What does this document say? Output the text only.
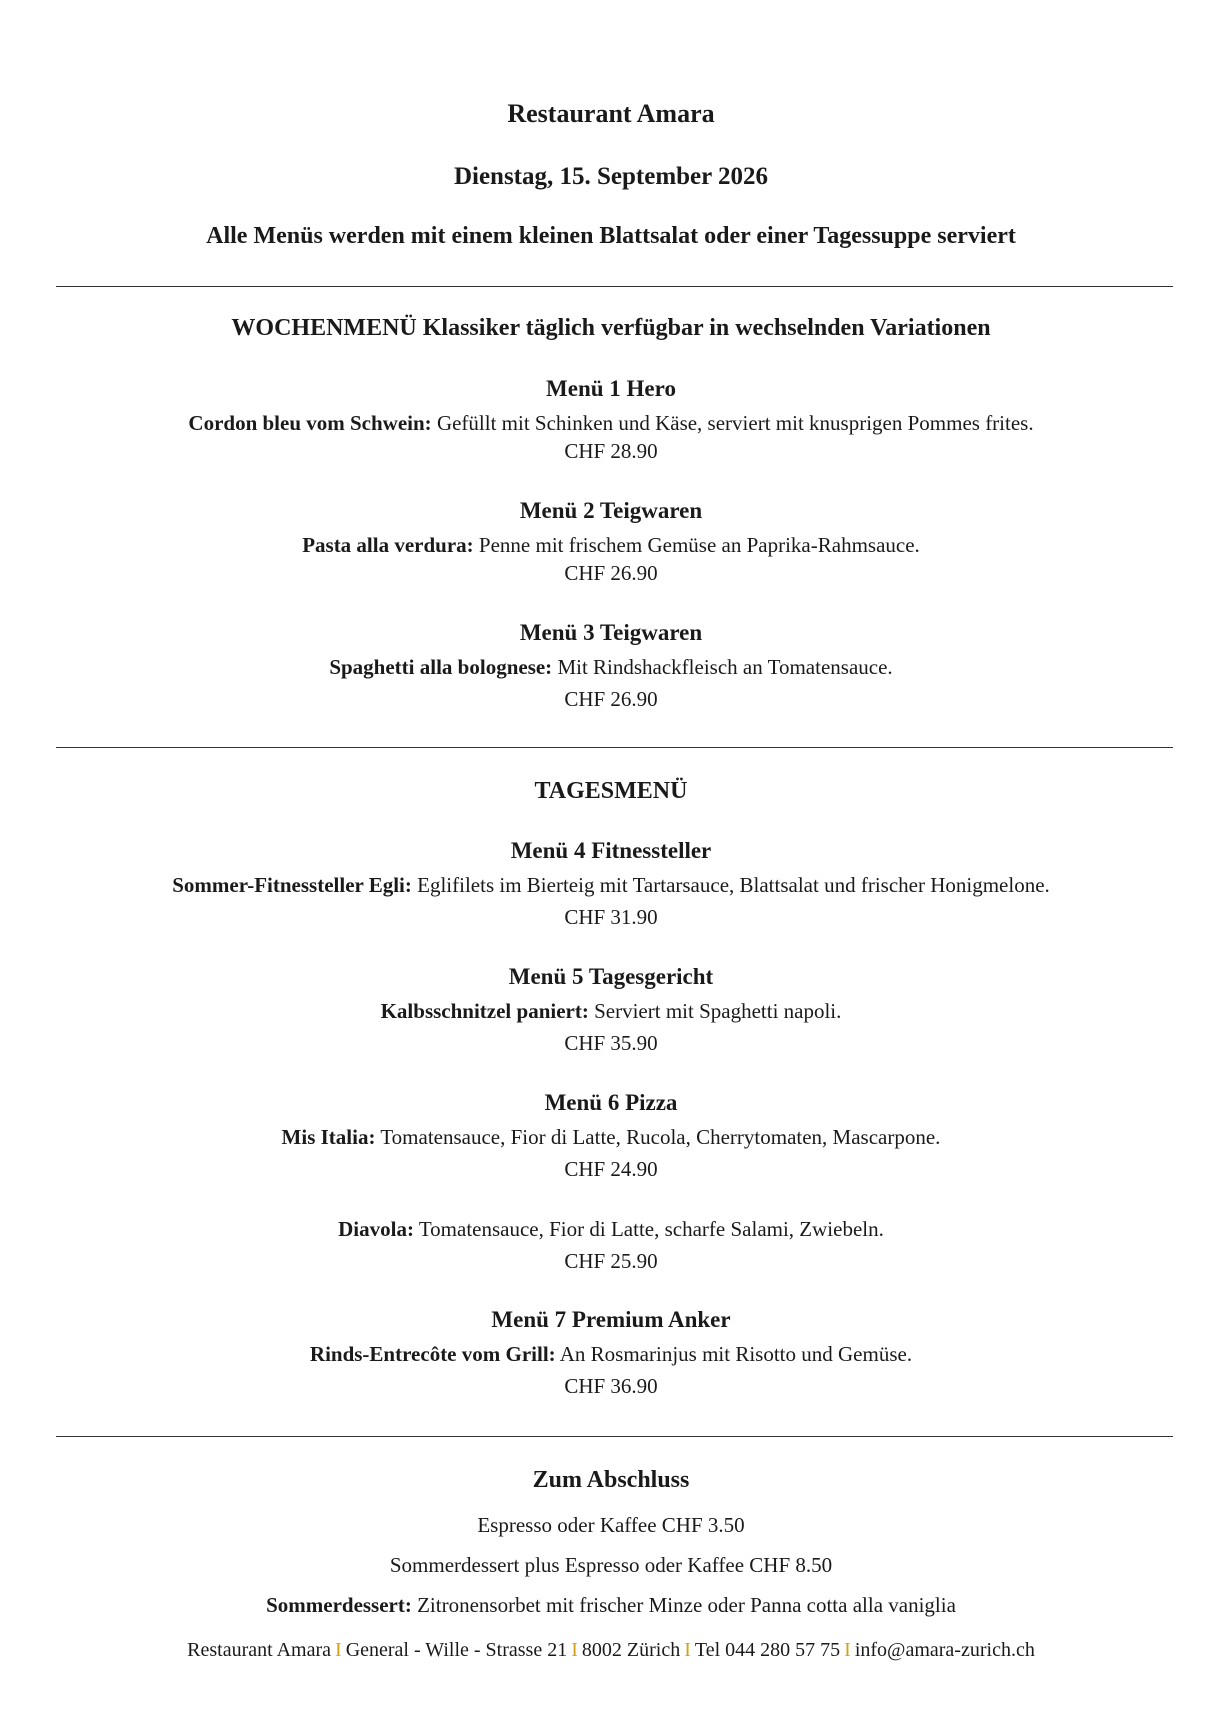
Restaurant Amara
Dienstag, 15. September 2026
Alle Menüs werden mit einem kleinen Blattsalat oder einer Tagessuppe serviert
WOCHENMENÜ Klassiker täglich verfügbar in wechselnden Variationen
Menü 1 Hero
Cordon bleu vom Schwein: Gefüllt mit Schinken und Käse, serviert mit knusprigen Pommes frites.
CHF 28.90
Menü 2 Teigwaren
Pasta alla verdura: Penne mit frischem Gemüse an Paprika-Rahmsauce.
CHF 26.90
Menü 3 Teigwaren
Spaghetti alla bolognese: Mit Rindshackfleisch an Tomatensauce.
CHF 26.90
TAGESMENÜ
Menü 4 Fitnessteller
Sommer-Fitnessteller Egli: Eglifilets im Bierteig mit Tartarsauce, Blattsalat und frischer Honigmelone.
CHF 31.90
Menü 5 Tagesgericht
Kalbsschnitzel paniert: Serviert mit Spaghetti napoli.
CHF 35.90
Menü 6 Pizza
Mis Italia: Tomatensauce, Fior di Latte, Rucola, Cherrytomaten, Mascarpone.
CHF 24.90
Diavola: Tomatensauce, Fior di Latte, scharfe Salami, Zwiebeln.
CHF 25.90
Menü 7 Premium Anker
Rinds-Entrecôte vom Grill: An Rosmarinjus mit Risotto und Gemüse.
CHF 36.90
Zum Abschluss
Espresso oder Kaffee CHF 3.50
Sommerdessert plus Espresso oder Kaffee CHF 8.50
Sommerdessert: Zitronensorbet mit frischer Minze oder Panna cotta alla vaniglia
Restaurant Amara I General - Wille - Strasse 21 I 8002 Zürich I Tel 044 280 57 75 I info@amara-zurich.ch
